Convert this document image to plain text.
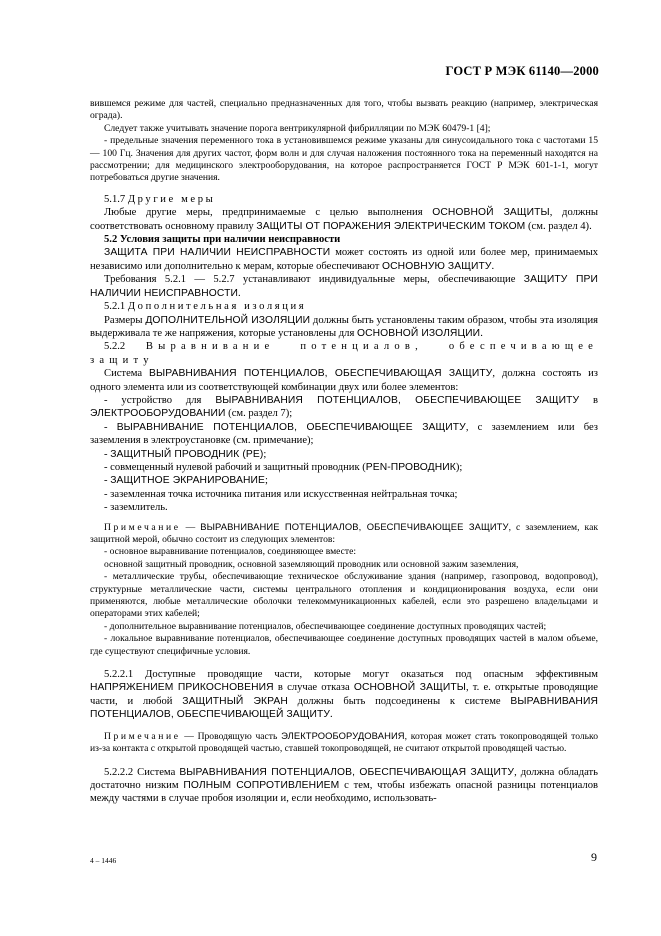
ГОСТ Р МЭК 61140—2000

вившемся режиме для частей, специально предназначенных для того, чтобы вызвать реакцию (например, электрическая ограда).

Следует также учитывать значение порога вентрикулярной фибрилляции по МЭК 60479-1 [4];

- предельные значения переменного тока в установившемся режиме указаны для синусоидального тока с частотами 15 — 100 Гц. Значения для других частот, форм волн и для случая наложения постоянного тока на переменный находятся на рассмотрении; для медицинского электрооборудования, на которое распространяется ГОСТ Р МЭК 601-1-1, могут потребоваться другие значения.

5.1.7 Другие меры

Любые другие меры, предпринимаемые с целью выполнения ОСНОВНОЙ ЗАЩИТЫ, должны соответствовать основному правилу ЗАЩИТЫ ОТ ПОРАЖЕНИЯ ЭЛЕКТРИЧЕСКИМ ТОКОМ (см. раздел 4).

5.2 Условия защиты при наличии неисправности

ЗАЩИТА ПРИ НАЛИЧИИ НЕИСПРАВНОСТИ может состоять из одной или более мер, принимаемых независимо или дополнительно к мерам, которые обеспечивают ОСНОВНУЮ ЗАЩИТУ.

Требования 5.2.1 — 5.2.7 устанавливают индивидуальные меры, обеспечивающие ЗАЩИТУ ПРИ НАЛИЧИИ НЕИСПРАВНОСТИ.

5.2.1 Дополнительная изоляция

Размеры ДОПОЛНИТЕЛЬНОЙ ИЗОЛЯЦИИ должны быть установлены таким образом, чтобы эта изоляция выдерживала те же напряжения, которые установлены для ОСНОВНОЙ ИЗОЛЯЦИИ.

5.2.2 Выравнивание потенциалов, обеспечивающее защиту

Система ВЫРАВНИВАНИЯ ПОТЕНЦИАЛОВ, ОБЕСПЕЧИВАЮЩАЯ ЗАЩИТУ, должна состоять из одного элемента или из соответствующей комбинации двух или более элементов:

- устройство для ВЫРАВНИВАНИЯ ПОТЕНЦИАЛОВ, ОБЕСПЕЧИВАЮЩЕЕ ЗАЩИТУ в ЭЛЕКТРООБОРУДОВАНИИ (см. раздел 7);

- ВЫРАВНИВАНИЕ ПОТЕНЦИАЛОВ, ОБЕСПЕЧИВАЮЩЕЕ ЗАЩИТУ, с заземлением или без заземления в электроустановке (см. примечание);

- ЗАЩИТНЫЙ ПРОВОДНИК (РЕ);

- совмещенный нулевой рабочий и защитный проводник (PEN-ПРОВОДНИК);

- ЗАЩИТНОЕ ЭКРАНИРОВАНИЕ;

- заземленная точка источника питания или искусственная нейтральная точка;

- заземлитель.

Примечание — ВЫРАВНИВАНИЕ ПОТЕНЦИАЛОВ, ОБЕСПЕЧИВАЮЩЕЕ ЗАЩИТУ, с заземлением, как защитной мерой, обычно состоит из следующих элементов:

- основное выравнивание потенциалов, соединяющее вместе:

основной защитный проводник, основной заземляющий проводник или основной зажим заземления,

- металлические трубы, обеспечивающие техническое обслуживание здания (например, газопровод, водопровод), структурные металлические части, системы центрального отопления и кондиционирования воздуха, если они применяются, любые металлические оболочки телекоммуникационных кабелей, если это разрешено владельцами и операторами этих кабелей;

- дополнительное выравнивание потенциалов, обеспечивающее соединение доступных проводящих частей;

- локальное выравнивание потенциалов, обеспечивающее соединение доступных проводящих частей в малом объеме, где существуют специфичные условия.

5.2.2.1 Доступные проводящие части, которые могут оказаться под опасным эффективным НАПРЯЖЕНИЕМ ПРИКОСНОВЕНИЯ в случае отказа ОСНОВНОЙ ЗАЩИТЫ, т. е. открытые проводящие части, и любой ЗАЩИТНЫЙ ЭКРАН должны быть подсоединены к системе ВЫРАВНИВАНИЯ ПОТЕНЦИАЛОВ, ОБЕСПЕЧИВАЮЩЕЙ ЗАЩИТУ.

Примечание — Проводящую часть ЭЛЕКТРООБОРУДОВАНИЯ, которая может стать токопроводящей только из-за контакта с открытой проводящей частью, ставшей токопроводящей, не считают открытой проводящей частью.

5.2.2.2 Система ВЫРАВНИВАНИЯ ПОТЕНЦИАЛОВ, ОБЕСПЕЧИВАЮЩАЯ ЗАЩИТУ, должна обладать достаточно низким ПОЛНЫМ СОПРОТИВЛЕНИЕМ с тем, чтобы избежать опасной разницы потенциалов между частями в случае пробоя изоляции и, если необходимо, использовать-

4 – 1446	9
